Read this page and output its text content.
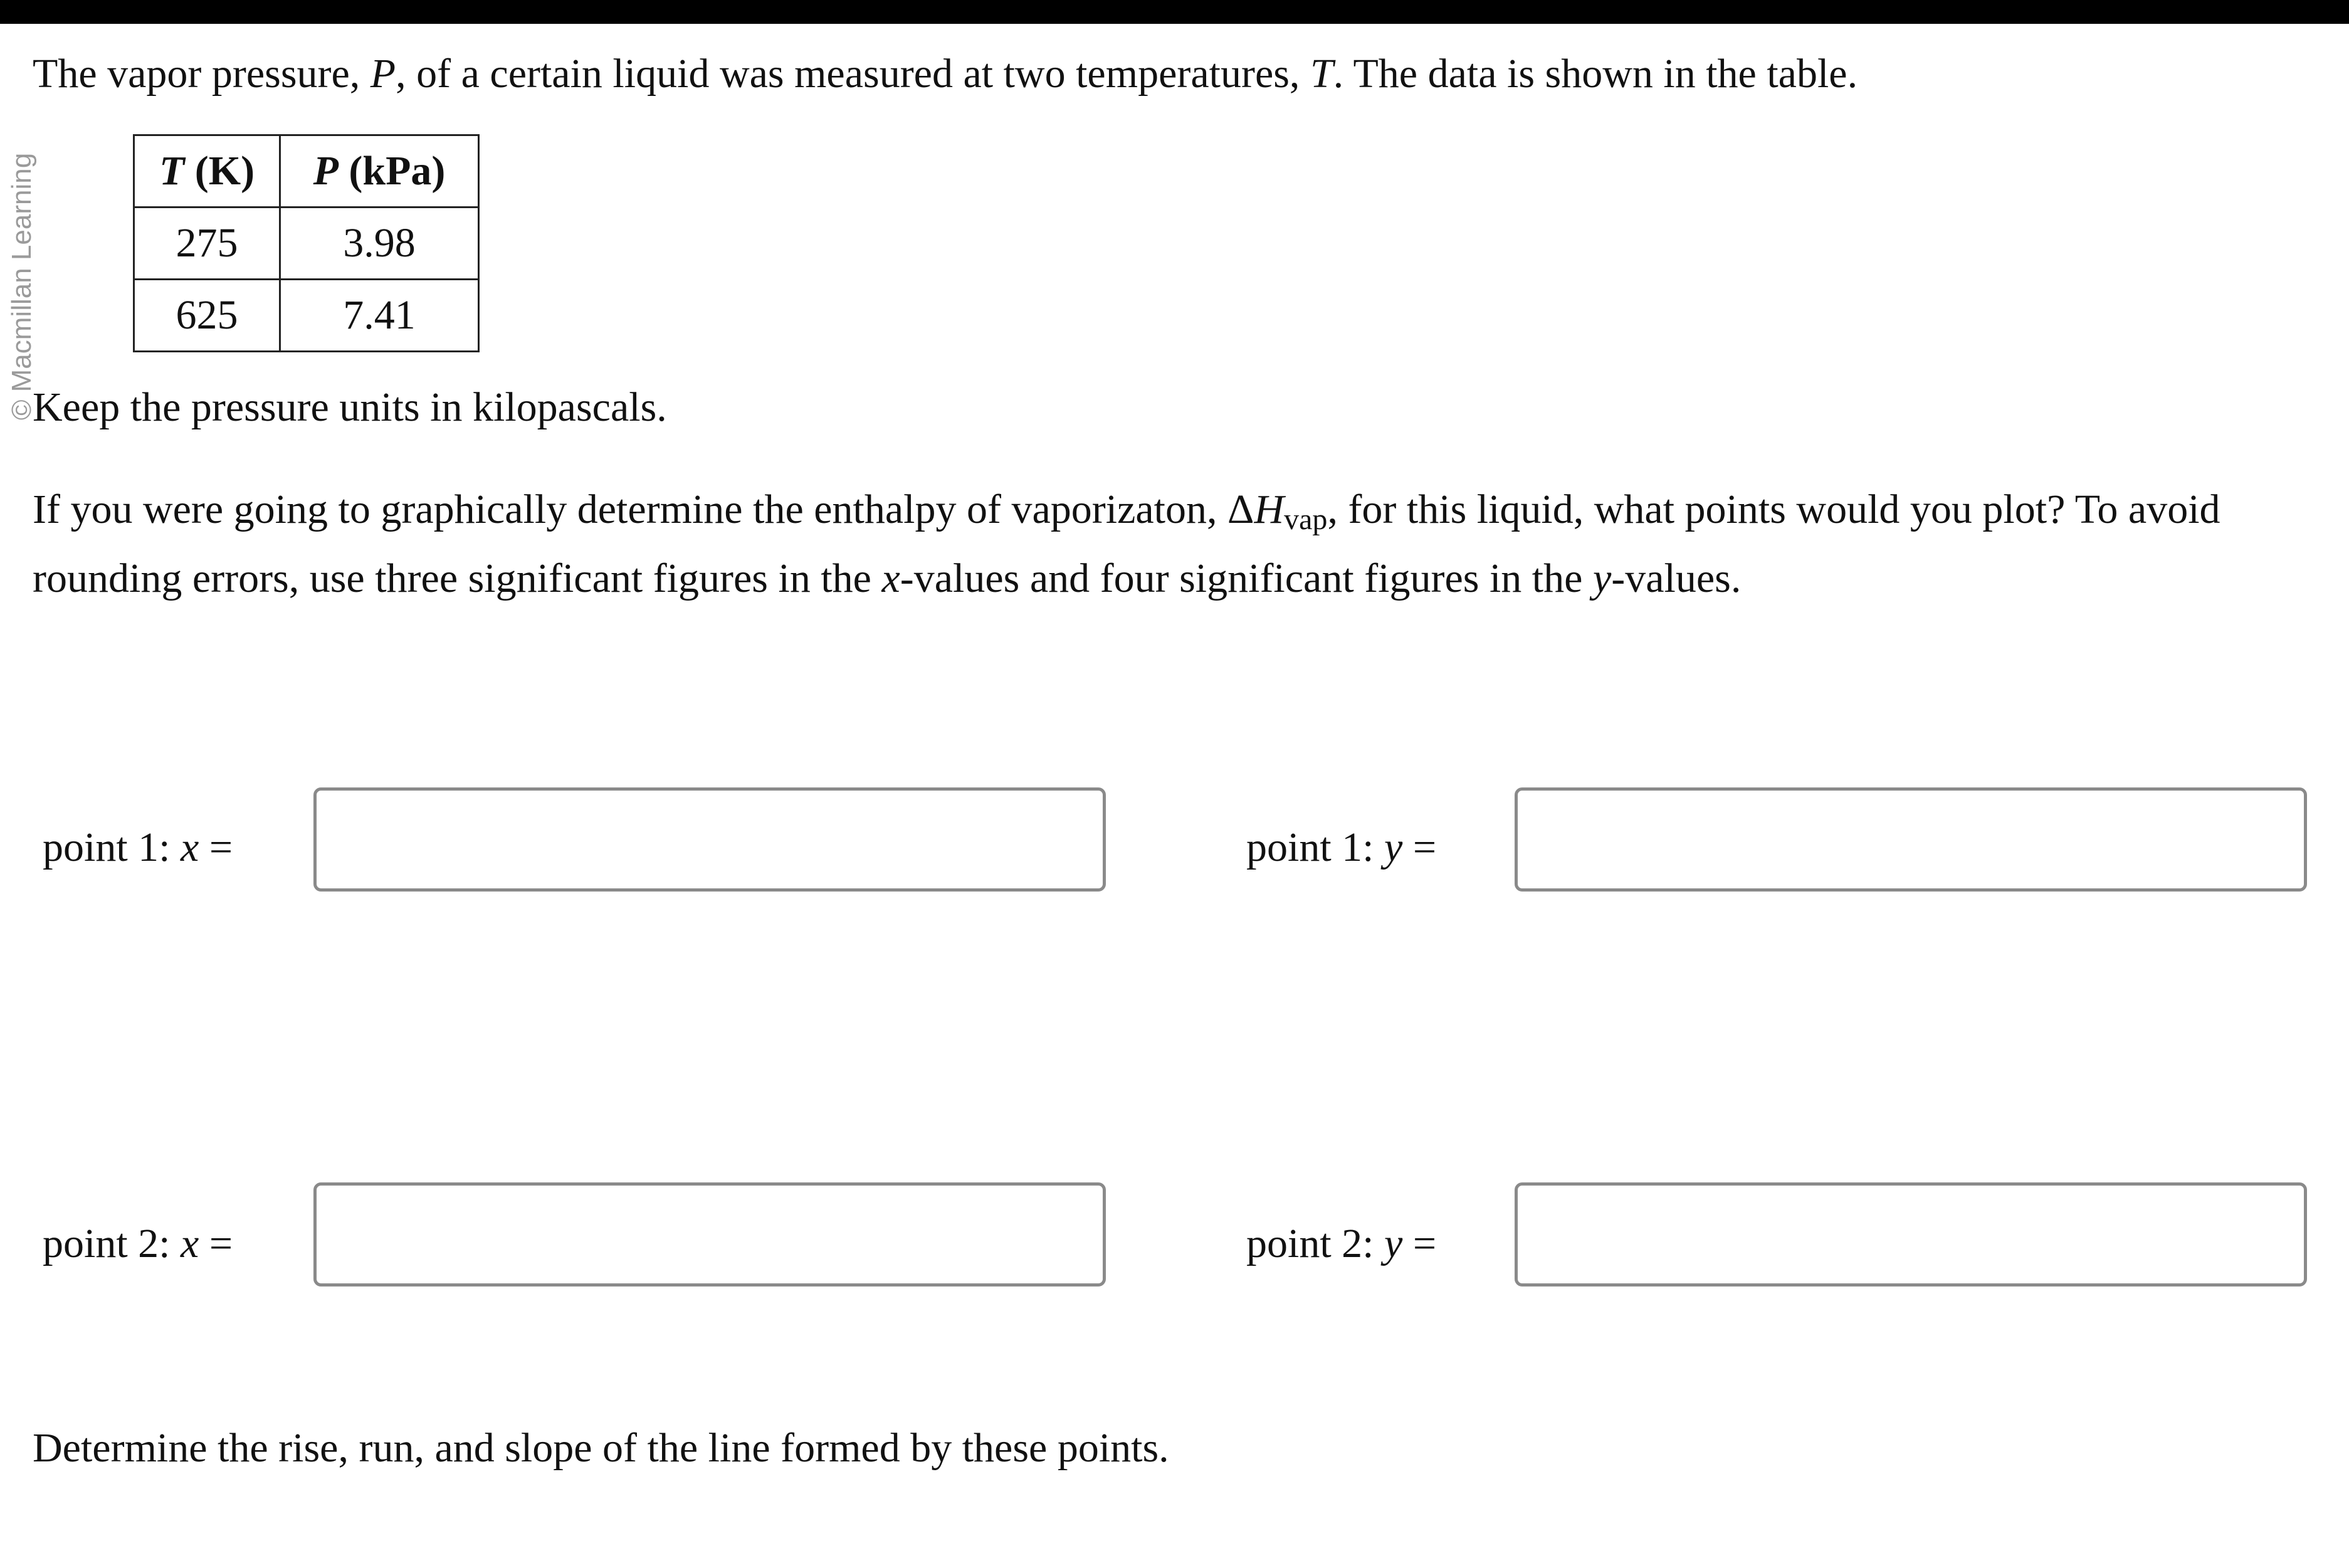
© Macmillan Learning
The vapor pressure, P, of a certain liquid was measured at two temperatures, T. The data is shown in the table.
T (K)	P (kPa)
275	3.98
625	7.41
Keep the pressure units in kilopascals.
If you were going to graphically determine the enthalpy of vaporizaton, $\Delta H_{vap}$, for this liquid, what points would you plot? To avoid rounding errors, use three significant figures in the x-values and four significant figures in the y-values.
point 1: x =	point 1: y =
point 2: x =	point 2: y =
Determine the rise, run, and slope of the line formed by these points.
